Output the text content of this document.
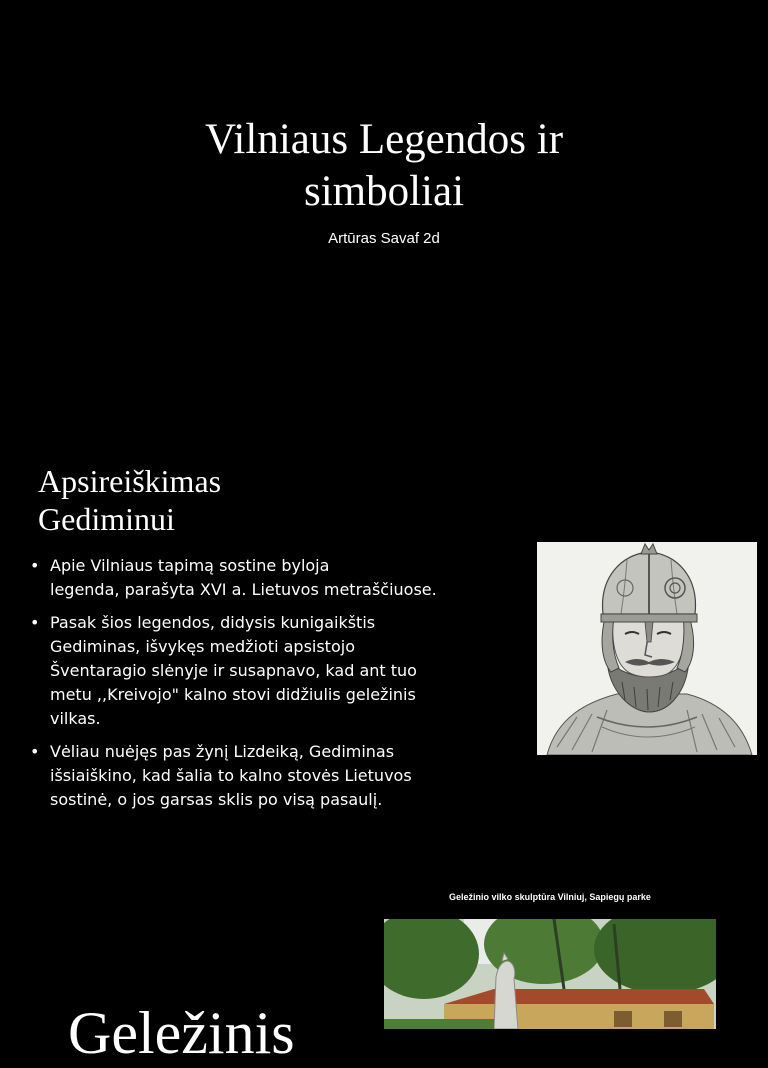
Vilniaus Legendos ir
simboliai

Artūras Savaf 2d

Apsireiškimas
Gediminui
• Apie Vilniaus tapimą sostine byloja
legenda, parašyta XVI a. Lietuvos metraščiuose.
• Pasak šios legendos, didysis kunigaikštis
Gediminas, išvykęs medžioti apsistojo
Šventaragio slėnyje ir susapnavo, kad ant tuo
metu ,,Kreivojo" kalno stovi didžiulis geležinis
vilkas.
• Vėliau nuėjęs pas žynį Lizdeiką, Gediminas
išsiaiškino, kad šalia to kalno stovės Lietuvos
sostinė, o jos garsas sklis po visą pasaulį.

Geležinio vilko skulptūra Vilniuj, Sapiegų parke

Geležinis
